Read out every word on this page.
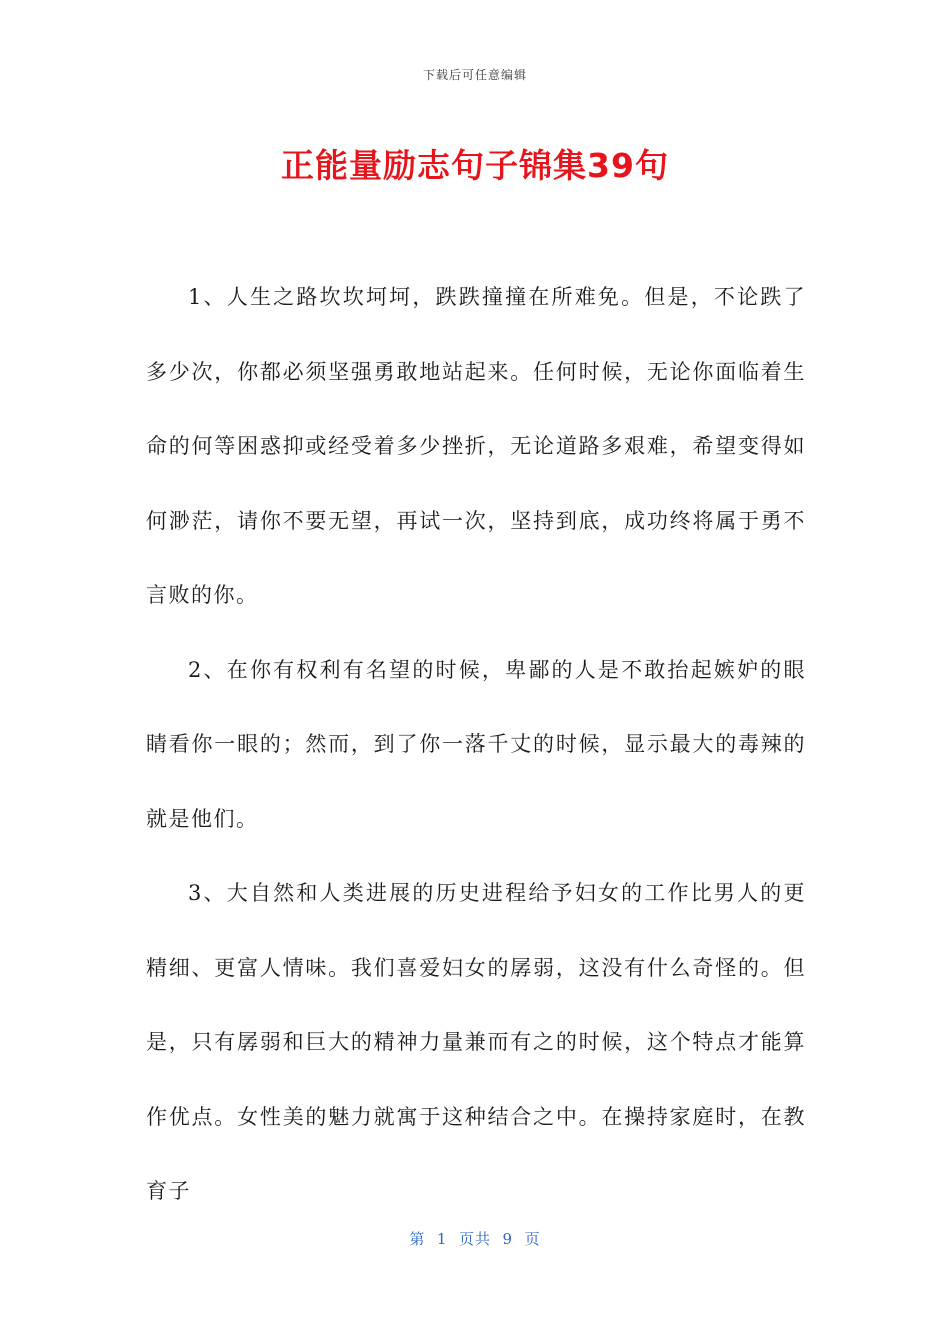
下载后可任意编辑
正能量励志句子锦集39句

1、人生之路坎坎坷坷，跌跌撞撞在所难免。但是，不论跌了多少次，你都必须坚强勇敢地站起来。任何时候，无论你面临着生命的何等困惑抑或经受着多少挫折，无论道路多艰难，希望变得如何渺茫，请你不要无望，再试一次，坚持到底，成功终将属于勇不言败的你。

2、在你有权利有名望的时候，卑鄙的人是不敢抬起嫉妒的眼睛看你一眼的；然而，到了你一落千丈的时候，显示最大的毒辣的就是他们。

3、大自然和人类进展的历史进程给予妇女的工作比男人的更精细、更富人情味。我们喜爱妇女的孱弱，这没有什么奇怪的。但是，只有孱弱和巨大的精神力量兼而有之的时候，这个特点才能算作优点。女性美的魅力就寓于这种结合之中。在操持家庭时，在教育子

第  1  页共  9  页
